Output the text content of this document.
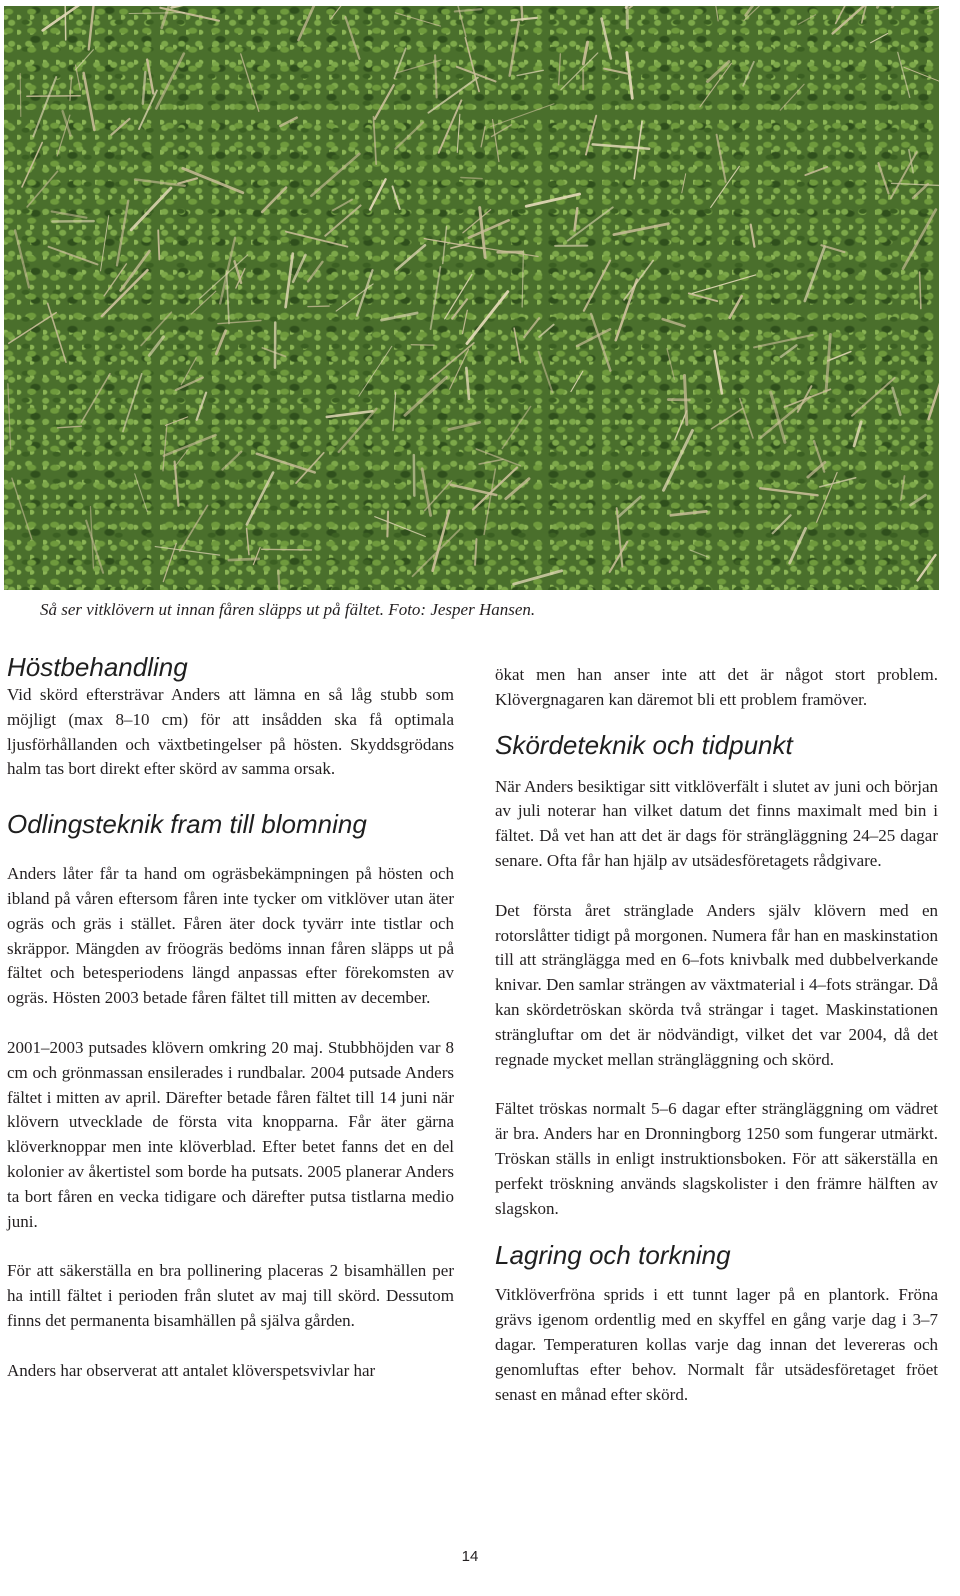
Så ser vitklövern ut innan fåren släpps ut på fältet. Foto: Jesper Hansen.
Höstbehandling

Vid skörd eftersträvar Anders att lämna en så låg stubb som möjligt (max 8–10 cm) för att insådden ska få optimala ljusförhållanden och växtbetingelser på hösten. Skyddsgrödans halm tas bort direkt efter skörd av samma orsak.

Odlingsteknik fram till blomning

Anders låter får ta hand om ogräsbekämpningen på hösten och ibland på våren eftersom fåren inte tycker om vitklöver utan äter ogräs och gräs i stället. Fåren äter dock tyvärr inte tistlar och skräppor. Mängden av fröogräs bedöms innan fåren släpps ut på fältet och betesperiodens längd anpassas efter förekomsten av ogräs. Hösten 2003 betade fåren fältet till mitten av december.

2001–2003 putsades klövern omkring 20 maj. Stubbhöjden var 8 cm och grönmassan ensilerades i rundbalar. 2004 putsade Anders fältet i mitten av april. Därefter betade fåren fältet till 14 juni när klövern utvecklade de första vita knopparna. Får äter gärna klöverknoppar men inte klöverblad. Efter betet fanns det en del kolonier av åkertistel som borde ha putsats. 2005 planerar Anders ta bort fåren en vecka tidigare och därefter putsa tistlarna medio juni.

För att säkerställa en bra pollinering placeras 2 bisamhällen per ha intill fältet i perioden från slutet av maj till skörd. Dessutom finns det permanenta bisamhällen på själva gården.

Anders har observerat att antalet klöverspetsvivlar har

ökat men han anser inte att det är något stort problem. Klövergnagaren kan däremot bli ett problem framöver.

Skördeteknik och tidpunkt

När Anders besiktigar sitt vitklöverfält i slutet av juni och början av juli noterar han vilket datum det finns maximalt med bin i fältet. Då vet han att det är dags för strängläggning 24–25 dagar senare. Ofta får han hjälp av utsädesföretagets rådgivare.

Det första året stränglade Anders själv klövern med en rotorslåtter tidigt på morgonen. Numera får han en maskinstation till att strängläggа med en 6–fots knivbalk med dubbelverkande knivar. Den samlar strängen av växtmaterial i 4–fots strängar. Då kan skördetröskan skörda två strängar i taget. Maskinstationen strängluftar om det är nödvändigt, vilket det var 2004, då det regnade mycket mellan strängläggning och skörd.

Fältet tröskas normalt 5–6 dagar efter strängläggning om vädret är bra. Anders har en Dronningborg 1250 som fungerar utmärkt. Tröskan ställs in enligt instruktionsboken. För att säkerställa en perfekt tröskning används slagskolister i den främre hälften av slagskon.

Lagring och torkning

Vitklöverfröna sprids i ett tunnt lager på en plantork. Fröna grävs igenom ordentlig med en skyffel en gång varje dag i 3–7 dagar. Temperaturen kollas varje dag innan det levereras och genomluftas efter behov. Normalt får utsädesföretaget fröet senast en månad efter skörd.

14
